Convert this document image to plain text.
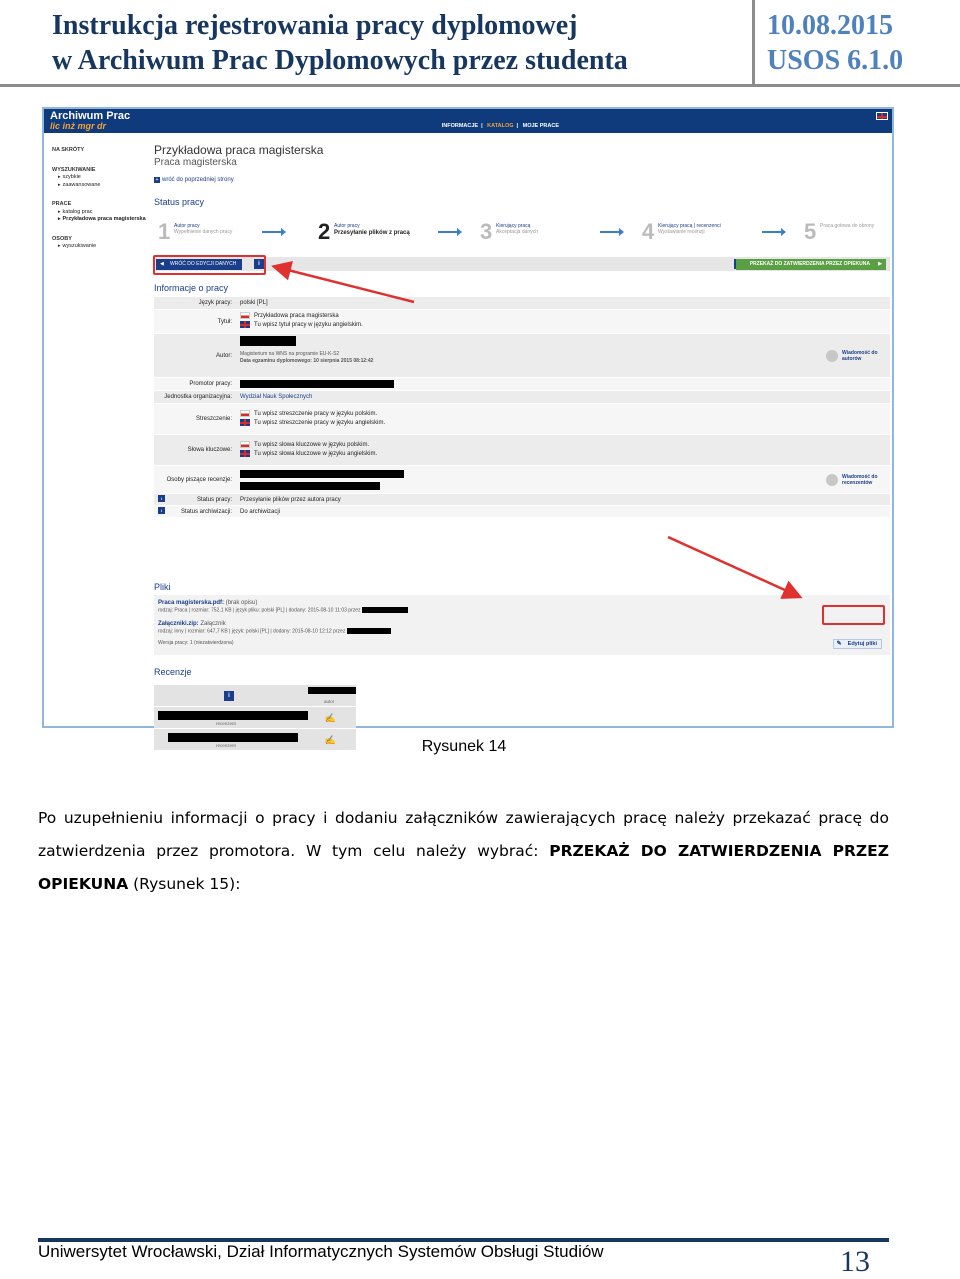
Instrukcja rejestrowania pracy dyplomowej
w Archiwum Prac Dyplomowych przez studenta
10.08.2015
USOS 6.1.0
Archiwum Prac
lic inż mgr dr	INFORMACJE | KATALOG | MOJE PRACE
NA SKRÓTY
WYSZUKIWANIE
▸ szybkie
▸ zaawansowane
PRACE
▸ katalog prac
▸ Przykładowa praca magisterska
OSOBY
▸ wyszukiwanie
Przykładowa praca magisterska
Praca magisterska
+ wróć do poprzedniej strony
Status pracy
1 Autor pracy
Wypełnienie danych pracy	2 Autor pracy
Przesyłanie plików z pracą	3 Kierujący pracą
Akceptacja danych	4 Kierujący pracą | recenzenci
Wystawianie recenzji	5 Praca gotowa do obrony
◀ WRÓĆ DO EDYCJI DANYCH	i	PRZEKAŻ DO ZATWIERDZENIA PRZEZ OPIEKUNA ▶
Informacje o pracy
Język pracy:	polski [PL]
Tytuł:
Przykładowa praca magisterska
Tu wpisz tytuł pracy w języku angielskim.
Autor:	Magisterium na WNS na programie EU-K-S2
Data egzaminu dyplomowego: 10 sierpnia 2015 08:12:42
Wiadomość do autorów
Promotor pracy:
Jednostka organizacyjna:	Wydział Nauk Społecznych
Streszczenie:
Tu wpisz streszczenie pracy w języku polskim.
Tu wpisz streszczenie pracy w języku angielskim.
Słowa kluczowe:
Tu wpisz słowa kluczowe w języku polskim.
Tu wpisz słowa kluczowe w języku angielskim.
Osoby piszące recenzje:	Wiadomość do recenzentów
i	Status pracy:	Przesyłanie plików przez autora pracy
i	Status archiwizacji:	Do archiwizacji
Pliki
Praca magisterska.pdf: (brak opisu)
rodzaj: Praca | rozmiar: 752,1 KB | język pliku: polski [PL] | dodany: 2015-08-10 11:03 przez
Załączniki.zip: Załącznik
rodzaj: inny | rozmiar: 647,7 KB | język: polski [PL] | dodany: 2015-08-10 12:12 przez
Wersja pracy: 1 (niezatwierdzona)
✎	Edytuj pliki
Recenzje
i
autor
recenzent
✍
recenzent
✍	Rysunek 14
Po uzupełnieniu informacji o pracy i dodaniu załączników zawierających pracę należy przekazać pracę do zatwierdzenia przez promotora. W tym celu należy wybrać: PRZEKAŻ DO ZATWIERDZENIA PRZEZ OPIEKUNA (Rysunek 15):
Uniwersytet Wrocławski, Dział Informatycznych Systemów Obsługi Studiów	13
